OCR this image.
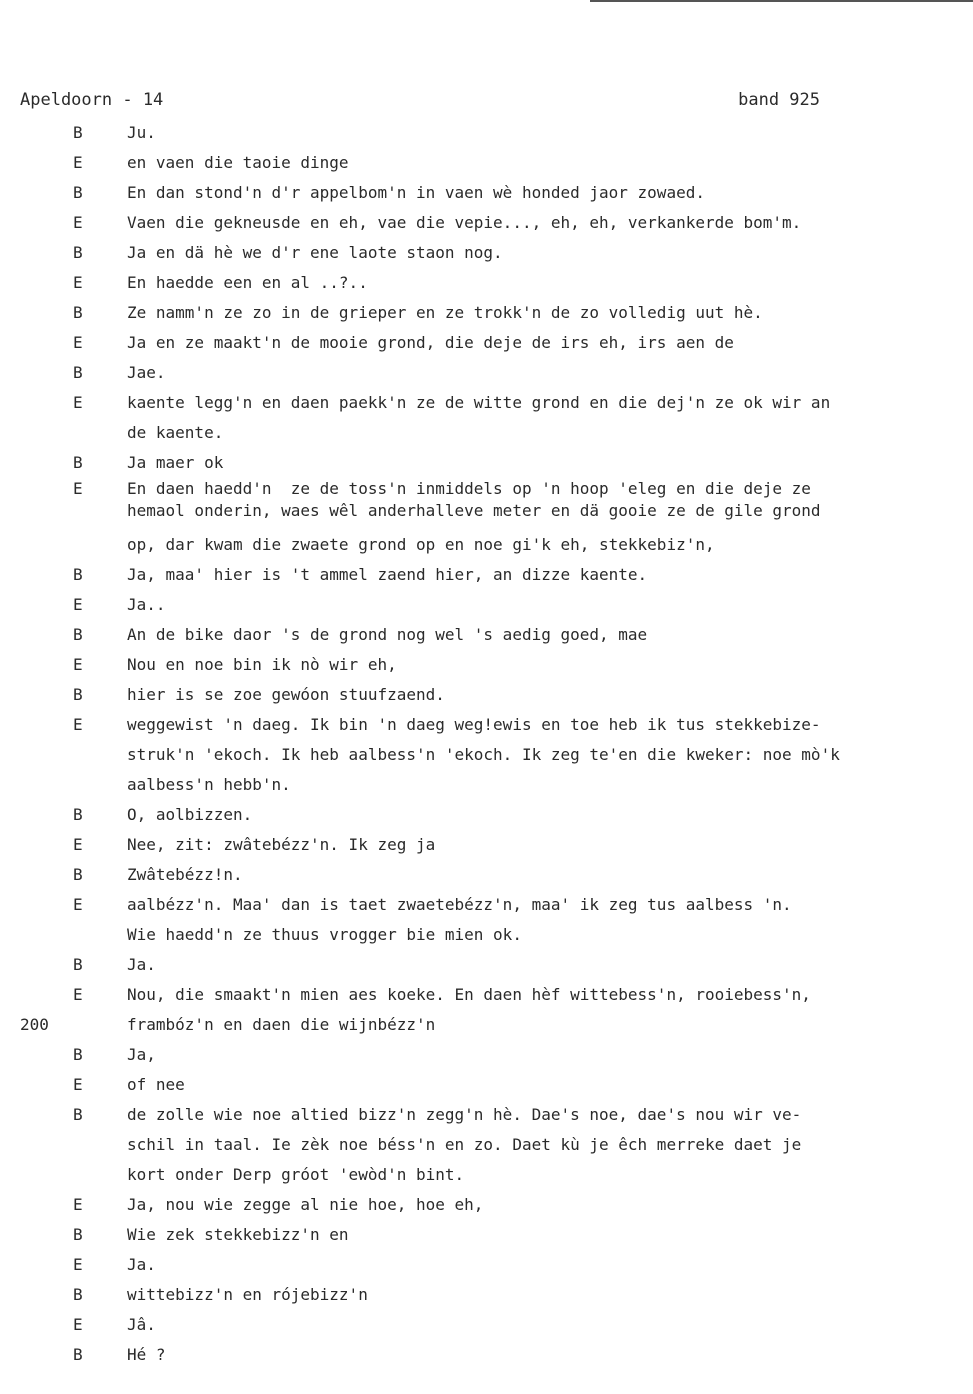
Apeldoorn - 14	band 925
B	Ju.
E	en vaen die taoie dinge
B	En dan stond'n d'r appelbom'n in vaen wè honded jaor zowaed.
E	Vaen die gekneusde en eh, vae die vepie..., eh, eh, verkankerde bom'm.
B	Ja en dä hè we d'r ene laote staon nog.
E	En haedde een en al ..?..
B	Ze namm'n ze zo in de grieper en ze trokk'n de zo volledig uut hè.
E	Ja en ze maakt'n de mooie grond, die deje de irs eh, irs aen de
B	Jae.
E	kaente legg'n en daen paekk'n ze de witte grond en die dej'n ze ok wir an
de kaente.
B	Ja maer ok
E	En daen haedd'n  ze de toss'n inmiddels op 'n hoop 'eleg en die deje ze
hemaol onderin, waes wêl anderhalleve meter en dä gooie ze de gile grond
op, dar kwam die zwaete grond op en noe gi'k eh, stekkebiz'n,
B	Ja, maa' hier is 't ammel zaend hier, an dizze kaente.
E	Ja..
B	An de bike daor 's de grond nog wel 's aedig goed, mae
E	Nou en noe bin ik nò wir eh,
B	hier is se zoe gewóon stuufzaend.
E	weggewist 'n daeg. Ik bin 'n daeg weg!ewis en toe heb ik tus stekkebize-
struk'n 'ekoch. Ik heb aalbess'n 'ekoch. Ik zeg te'en die kweker: noe mò'k
aalbess'n hebb'n.
B	O, aolbizzen.
E	Nee, zit: zwâtebézz'n. Ik zeg ja
B	Zwâtebézz!n.
E	aalbézz'n. Maa' dan is taet zwaetebézz'n, maa' ik zeg tus aalbess 'n.
Wie haedd'n ze thuus vrogger bie mien ok.
B	Ja.
E	Nou, die smaakt'n mien aes koeke. En daen hèf wittebess'n, rooiebess'n,
200	frambóz'n en daen die wijnbézz'n
B	Ja,
E	of nee
B	de zolle wie noe altied bizz'n zegg'n hè. Dae's noe, dae's nou wir ve-
schil in taal. Ie zèk noe béss'n en zo. Daet kù je êch merreke daet je
kort onder Derp gróot 'ewòd'n bint.
E	Ja, nou wie zegge al nie hoe, hoe eh,
B	Wie zek stekkebizz'n en
E	Ja.
B	wittebizz'n en rójebizz'n
E	Jâ.
B	Hé ?
